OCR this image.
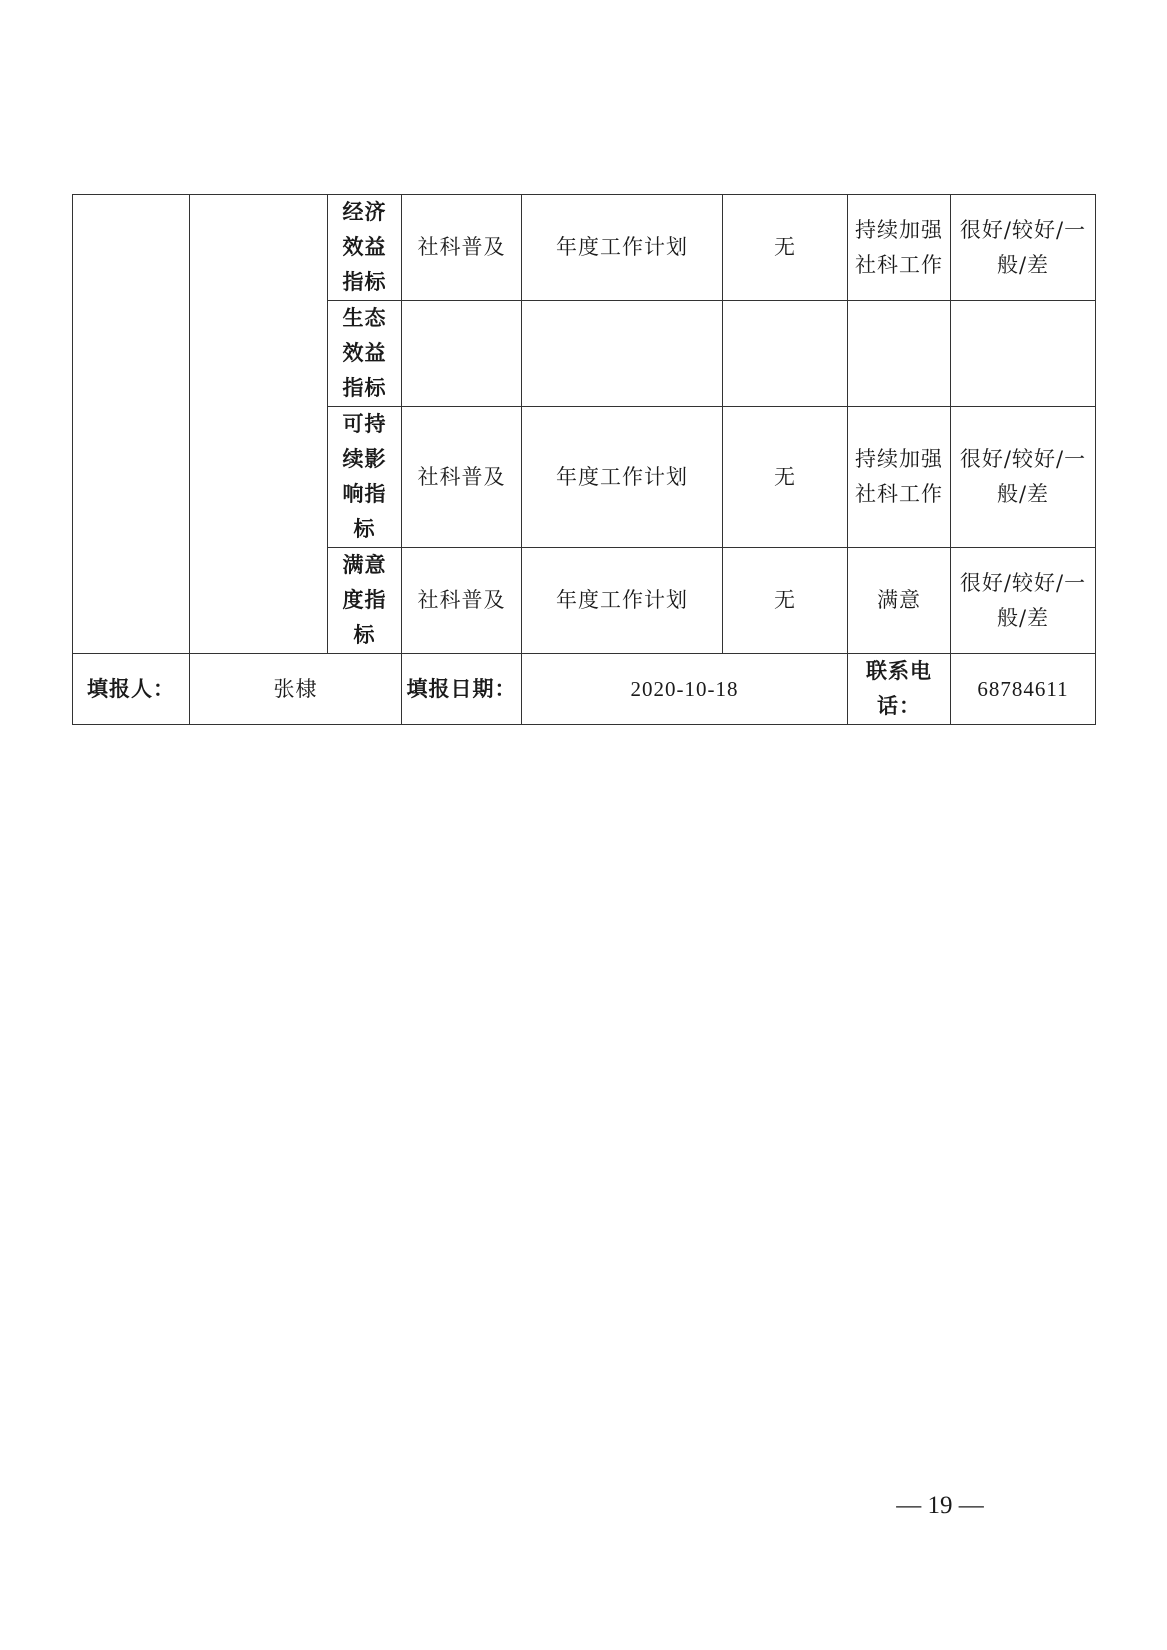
		经济效益指标	社科普及	年度工作计划	无	持续加强社科工作	很好/较好/一般/差
		生态效益指标					
		可持续影响指标	社科普及	年度工作计划	无	持续加强社科工作	很好/较好/一般/差
		满意度指标	社科普及	年度工作计划	无	满意	很好/较好/一般/差
填报人：	张棣		填报日期：	2020-10-18		联系电话：	68784611
— 19 —
